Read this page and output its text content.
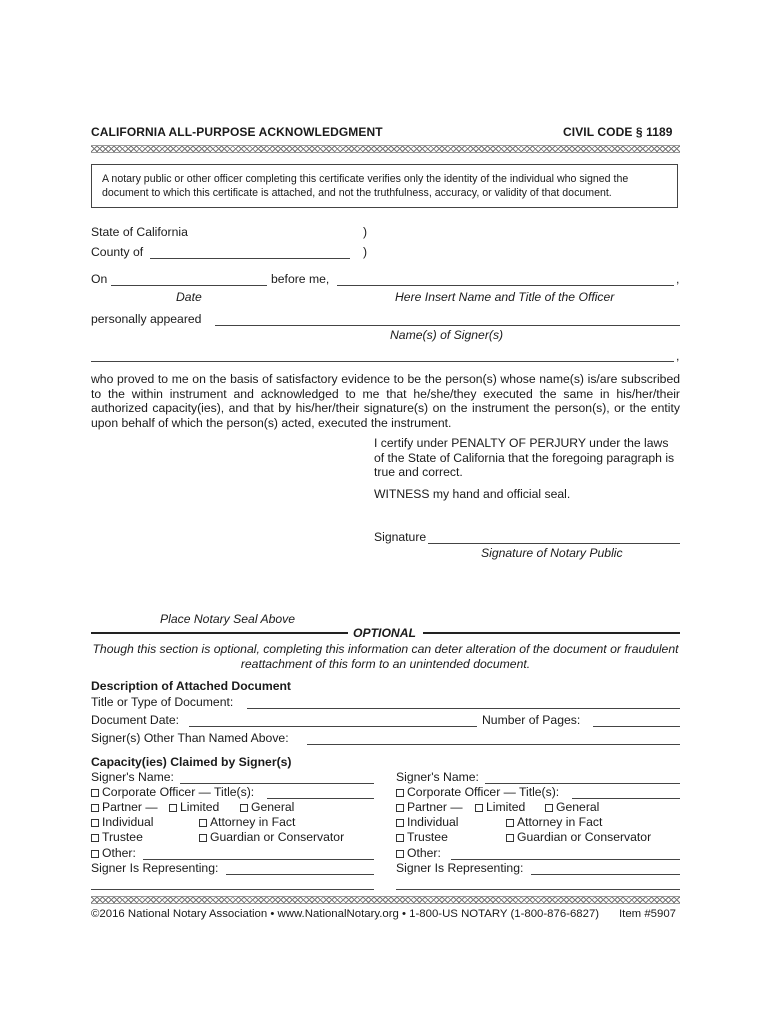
CALIFORNIA ALL-PURPOSE ACKNOWLEDGMENT	CIVIL CODE § 1189
A notary public or other officer completing this certificate verifies only the identity of the individual who signed the document to which this certificate is attached, and not the truthfulness, accuracy, or validity of that document.
State of California	)
County of	)
On	before me,	,
Date	Here Insert Name and Title of the Officer
personally appeared
Name(s) of Signer(s)
,
who proved to me on the basis of satisfactory evidence to be the person(s) whose name(s) is/are subscribed to the within instrument and acknowledged to me that he/she/they executed the same in his/her/their authorized capacity(ies), and that by his/her/their signature(s) on the instrument the person(s), or the entity upon behalf of which the person(s) acted, executed the instrument.
I certify under PENALTY OF PERJURY under the laws of the State of California that the foregoing paragraph is true and correct.
WITNESS my hand and official seal.
Signature
Signature of Notary Public
Place Notary Seal Above
OPTIONAL
Though this section is optional, completing this information can deter alteration of the document or fraudulent reattachment of this form to an unintended document.
Description of Attached Document
Title or Type of Document:
Document Date:	Number of Pages:
Signer(s) Other Than Named Above:
Capacity(ies) Claimed by Signer(s)
Signer's Name:
Corporate Officer — Title(s):
Partner —	Limited	General
Individual	Attorney in Fact
Trustee	Guardian or Conservator
Other:
Signer Is Representing:
Signer's Name:
Corporate Officer — Title(s):
Partner —	Limited	General
Individual	Attorney in Fact
Trustee	Guardian or Conservator
Other:
Signer Is Representing:
©2016 National Notary Association • www.NationalNotary.org • 1-800-US NOTARY (1-800-876-6827) Item #5907
